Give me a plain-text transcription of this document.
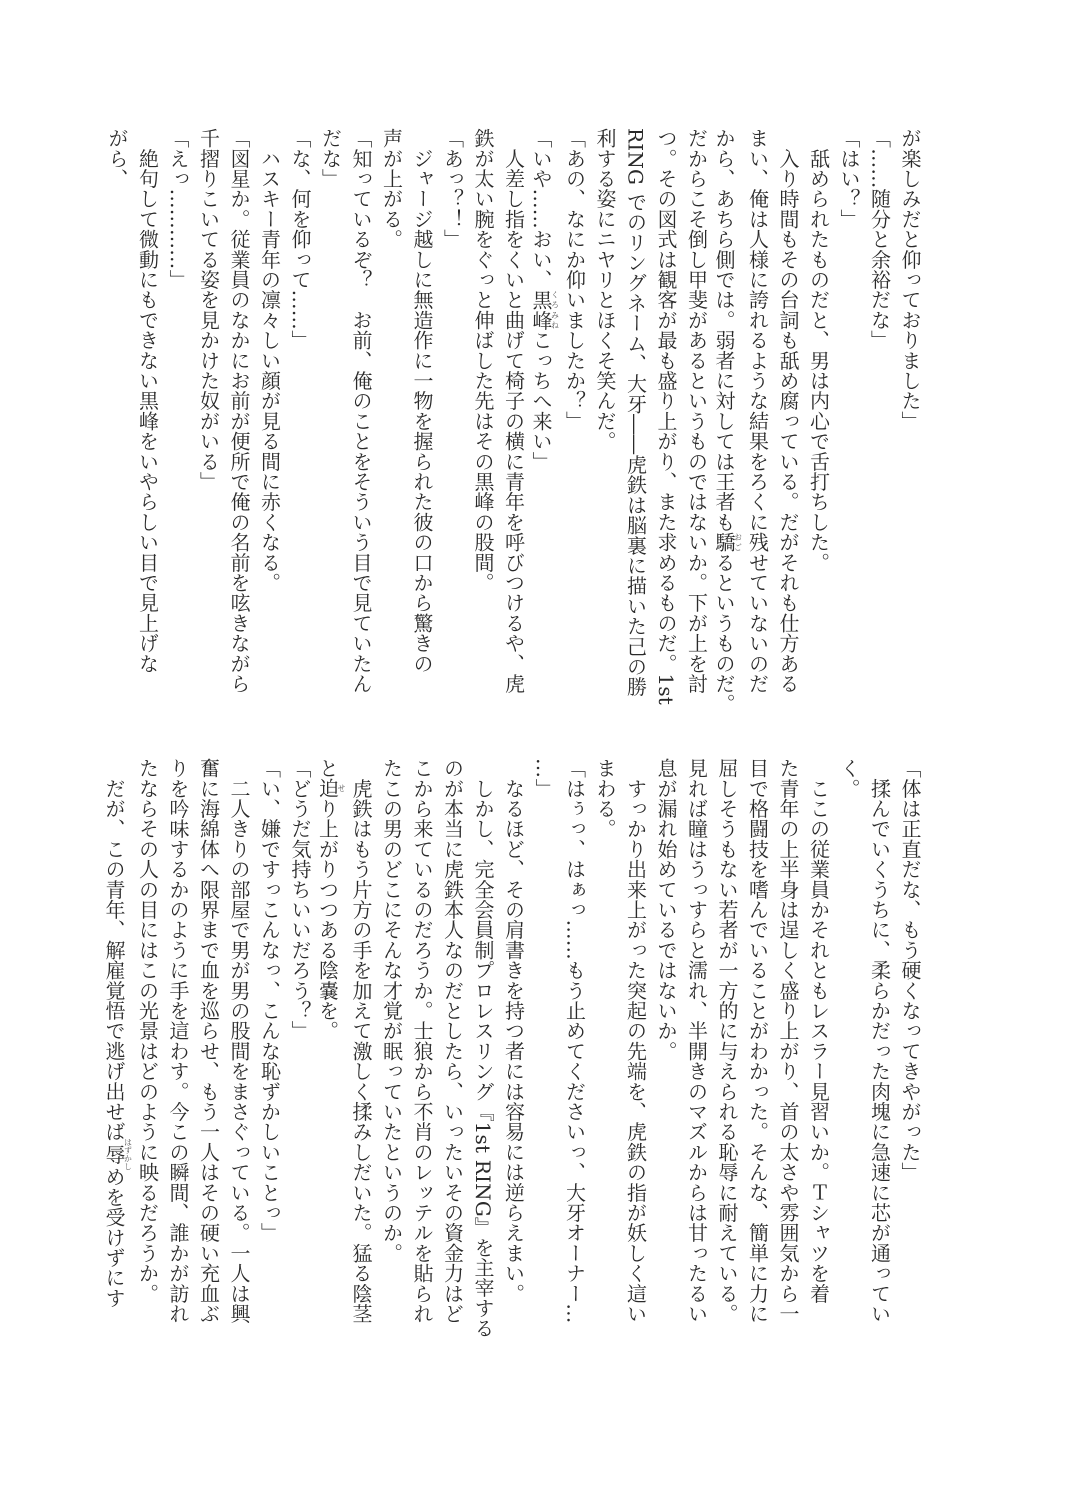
が楽しみだと仰っておりました」
「……随分と余裕だな」
「はい？」
　舐められたものだと、男は内心で舌打ちした。
　入り時間もその台詞も舐め腐っている。だがそれも仕方ある
まい、俺は人様に誇れるような結果をろくに残せていないのだ
から、あちら側では。弱者に対しては王者も驕おごるというものだ。
だからこそ倒し甲斐があるというものではないか。下が上を討
つ。その図式は観客が最も盛り上がり、また求めるものだ。1st
RING でのリングネーム、大牙――虎鉄は脳裏に描いた己の勝
利する姿にニヤリとほくそ笑んだ。
「あの、なにか仰いましたか？」
「いや……おい、黒峰くろみねこっちへ来い」
　人差し指をくいと曲げて椅子の横に青年を呼びつけるや、虎
鉄が太い腕をぐっと伸ばした先はその黒峰の股間。
「あっ？！」
　ジャージ越しに無造作に一物を握られた彼の口から驚きの
声が上がる。
「知っているぞ？　お前、俺のことをそういう目で見ていたん
だな」
「な、何を仰って……」
　ハスキー青年の凛々しい顔が見る間に赤くなる。
「図星か。従業員のなかにお前が便所で俺の名前を呟きながら
千摺りこいてる姿を見かけた奴がいる」
「えっ…………」
　絶句して微動にもできない黒峰をいやらしい目で見上げな
がら、
「体は正直だな、もう硬くなってきやがった」
　揉んでいくうちに、柔らかだった肉塊に急速に芯が通ってい
く。
　ここの従業員かそれともレスラー見習いか。Ｔシャツを着
た青年の上半身は逞しく盛り上がり、首の太さや雰囲気から一
目で格闘技を嗜んでいることがわかった。そんな、簡単に力に
屈しそうもない若者が一方的に与えられる恥辱に耐えている。
見れば瞳はうっすらと濡れ、半開きのマズルからは甘ったるい
息が漏れ始めているではないか。
　すっかり出来上がった突起の先端を、虎鉄の指が妖しく這い
まわる。
「はぅっ、はぁっ……もう止めてくださいっ、大牙オーナー…
…」
　なるほど、その肩書きを持つ者には容易には逆らえまい。
　しかし、完全会員制プロレスリング『1st RING』を主宰する
のが本当に虎鉄本人なのだとしたら、いったいその資金力はど
こから来ているのだろうか。士狼から不肖のレッテルを貼られ
たこの男のどこにそんな才覚が眠っていたというのか。
　虎鉄はもう片方の手を加えて激しく揉みしだいた。猛る陰茎
と迫せり上がりつつある陰嚢を。
「どうだ気持ちいいだろう？」
「い、嫌ですっこんなっ、こんな恥ずかしいことっ」
　二人きりの部屋で男が男の股間をまさぐっている。一人は興
奮に海綿体へ限界まで血を巡らせ、もう一人はその硬い充血ぶ
りを吟味するかのように手を這わす。今この瞬間、誰かが訪れ
たならその人の目にはこの光景はどのように映るだろうか。
　だが、この青年、解雇覚悟で逃げ出せば辱はずかしめを受けずにす
